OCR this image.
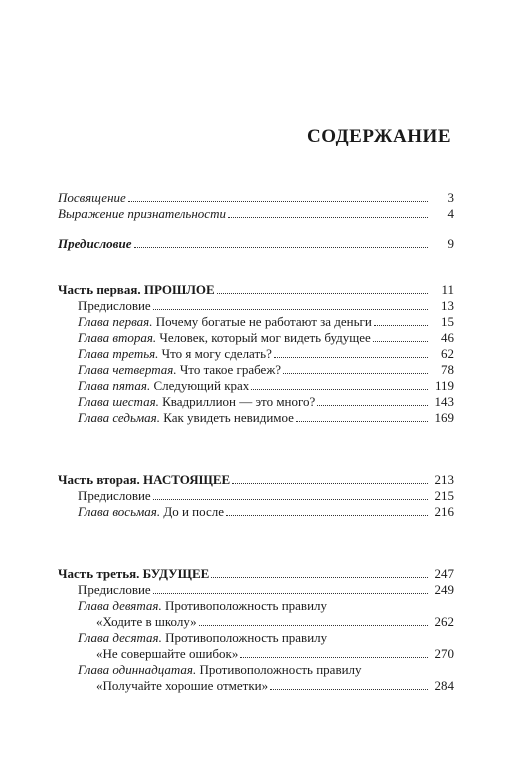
СОДЕРЖАНИЕ
Посвящение	3
Выражение признательности	4
Предисловие	9
Часть первая. ПРОШЛОЕ	11
Предисловие	13
Глава первая. Почему богатые не работают за деньги	15
Глава вторая. Человек, который мог видеть будущее	46
Глава третья. Что я могу сделать?	62
Глава четвертая. Что такое грабеж?	78
Глава пятая. Следующий крах	119
Глава шестая. Квадриллион — это много?	143
Глава седьмая. Как увидеть невидимое	169
Часть вторая. НАСТОЯЩЕЕ	213
Предисловие	215
Глава восьмая. До и после	216
Часть третья. БУДУЩЕЕ	247
Предисловие	249
Глава девятая. Противоположность правилу
«Ходите в школу»	262
Глава десятая. Противоположность правилу
«Не совершайте ошибок»	270
Глава одиннадцатая. Противоположность правилу
«Получайте хорошие отметки»	284
